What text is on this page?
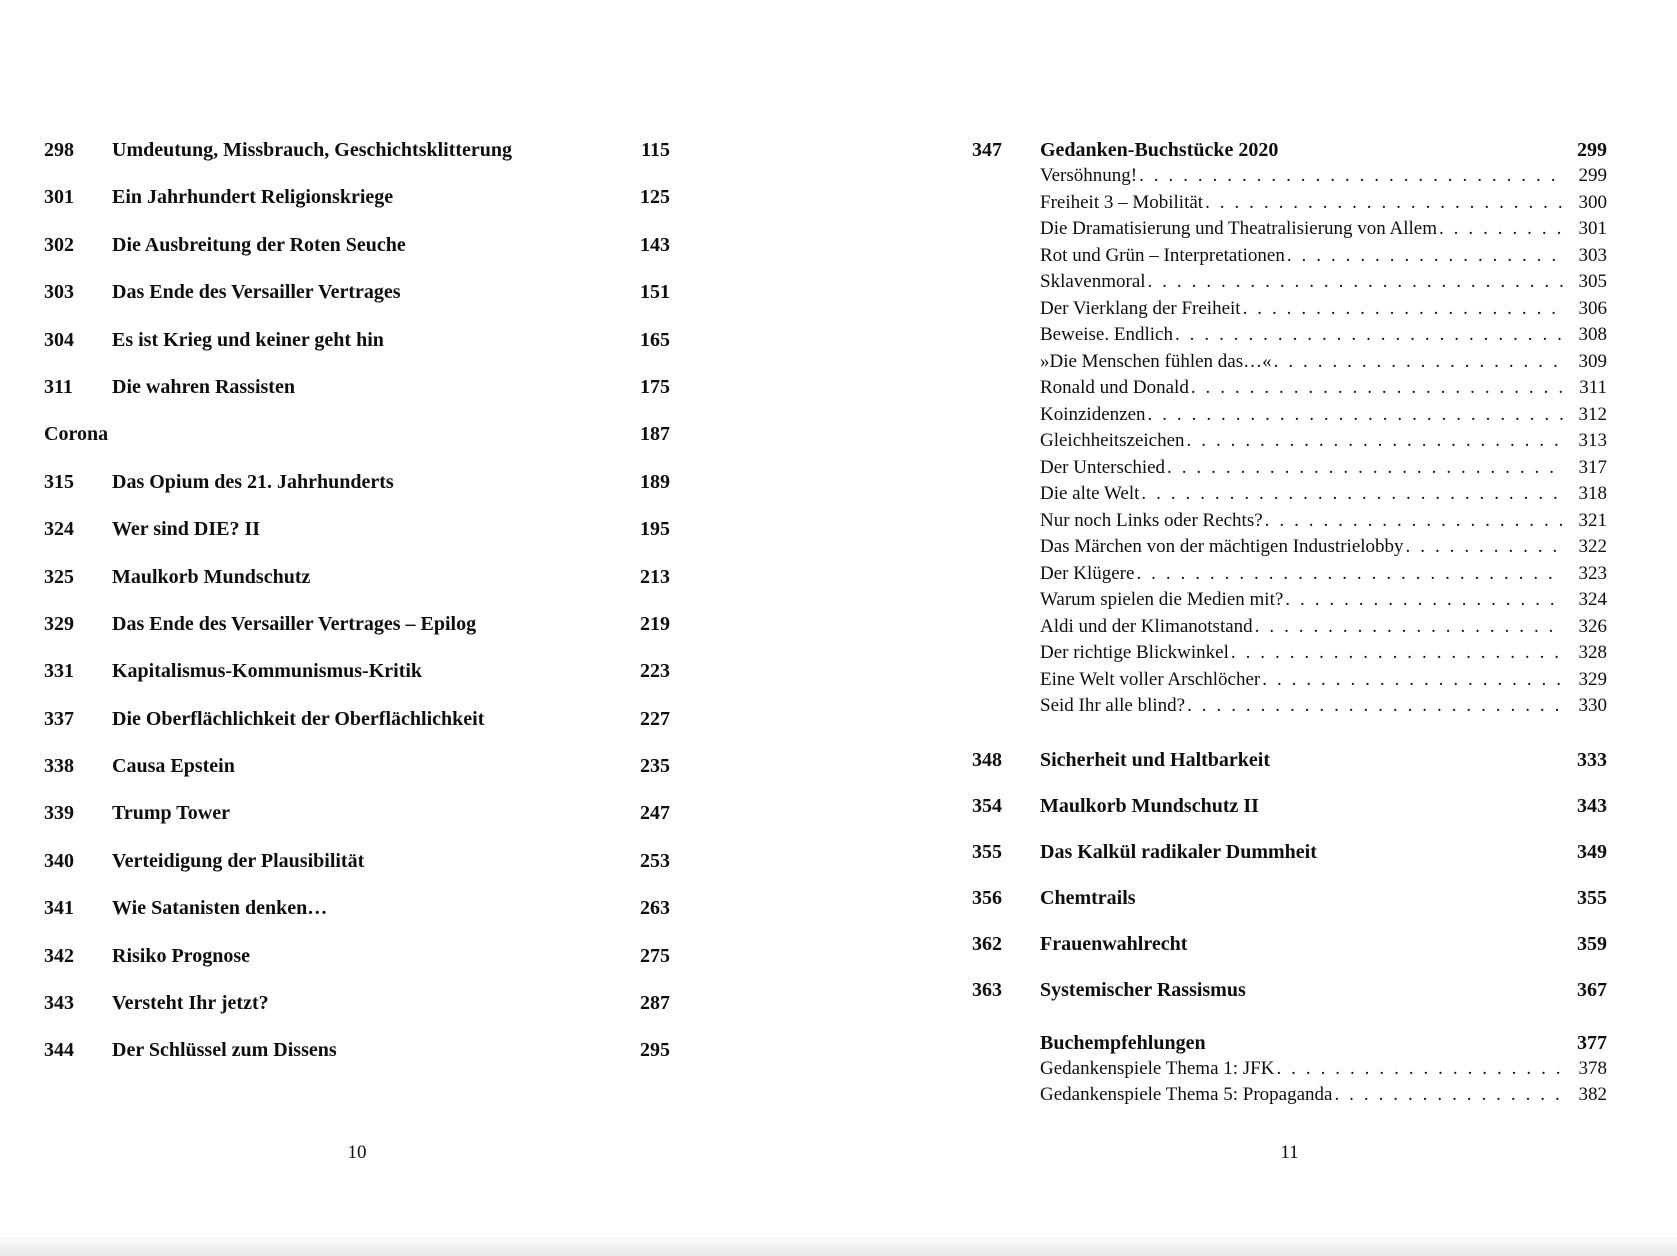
298	Umdeutung, Missbrauch, Geschichtsklitterung	115
301	Ein Jahrhundert Religionskriege	125
302	Die Ausbreitung der Roten Seuche	143
303	Das Ende des Versailler Vertrages	151
304	Es ist Krieg und keiner geht hin	165
311	Die wahren Rassisten	175
Corona	187
315	Das Opium des 21. Jahrhunderts	189
324	Wer sind DIE? II	195
325	Maulkorb Mundschutz	213
329	Das Ende des Versailler Vertrages – Epilog	219
331	Kapitalismus-Kommunismus-Kritik	223
337	Die Oberflächlichkeit der Oberflächlichkeit	227
338	Causa Epstein	235
339	Trump Tower	247
340	Verteidigung der Plausibilität	253
341	Wie Satanisten denken…	263
342	Risiko Prognose	275
343	Versteht Ihr jetzt?	287
344	Der Schlüssel zum Dissens	295
347	Gedanken-Buchstücke 2020	299
Versöhnung! . . .	299
Freiheit 3 – Mobilität . . .	300
Die Dramatisierung und Theatralisierung von Allem . . .	301
Rot und Grün – Interpretationen . . .	303
Sklavenmoral . . .	305
Der Vierklang der Freiheit . . .	306
Beweise. Endlich . . .	308
»Die Menschen fühlen das…« . . .	309
Ronald und Donald . . .	311
Koinzidenzen . . .	312
Gleichheitszeichen . . .	313
Der Unterschied . . .	317
Die alte Welt . . .	318
Nur noch Links oder Rechts? . . .	321
Das Märchen von der mächtigen Industrielobby . . .	322
Der Klügere . . .	323
Warum spielen die Medien mit? . . .	324
Aldi und der Klimanotstand . . .	326
Der richtige Blickwinkel . . .	328
Eine Welt voller Arschlöcher . . .	329
Seid Ihr alle blind? . . .	330
348	Sicherheit und Haltbarkeit	333
354	Maulkorb Mundschutz II	343
355	Das Kalkül radikaler Dummheit	349
356	Chemtrails	355
362	Frauenwahlrecht	359
363	Systemischer Rassismus	367
Buchempfehlungen	377
Gedankenspiele Thema 1: JFK . . .	378
Gedankenspiele Thema 5: Propaganda . . .	382
10	11
